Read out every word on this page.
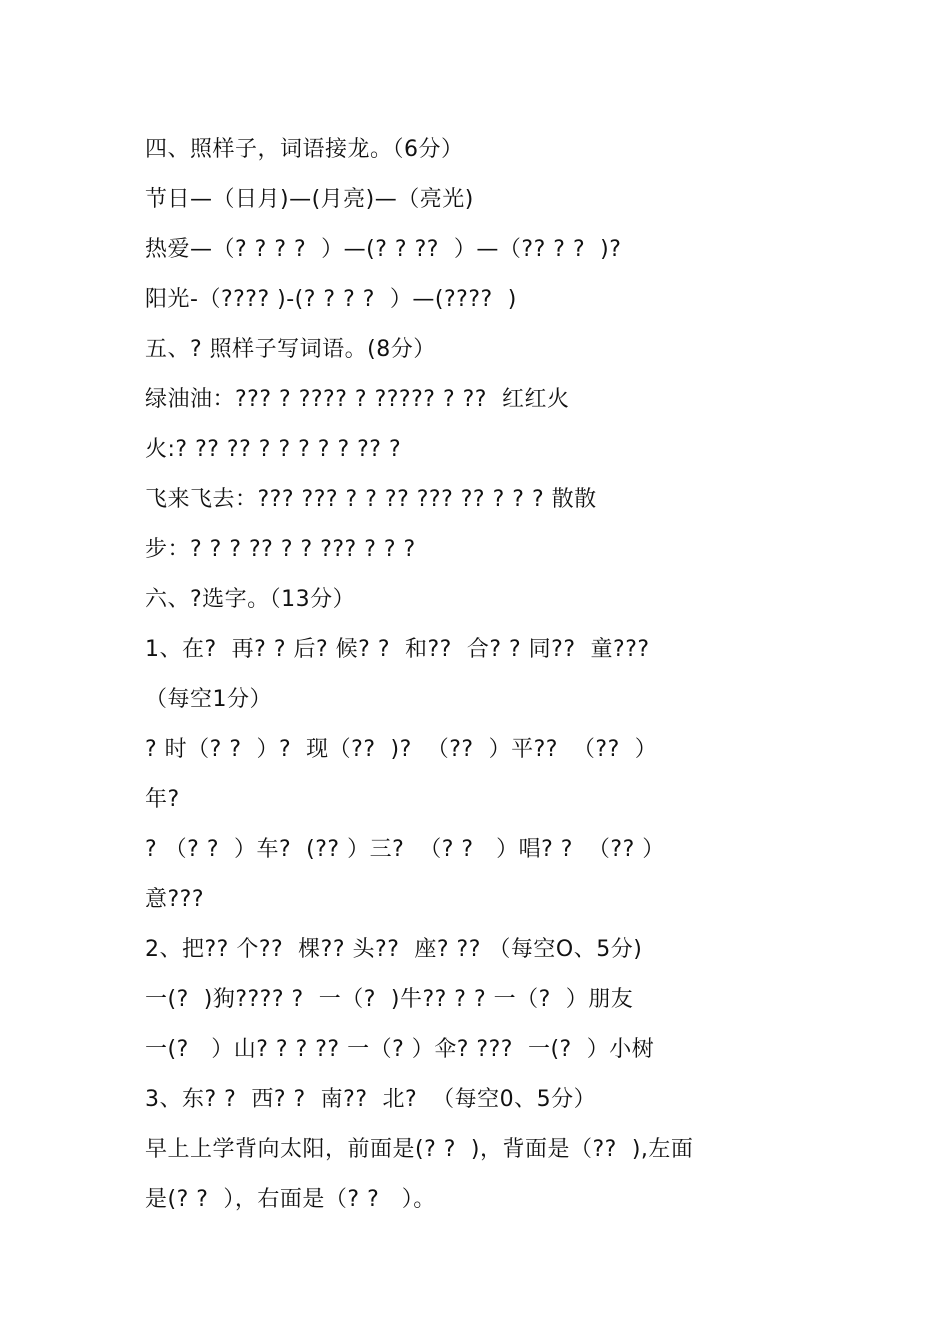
四、照样子，词语接龙。（6分）
节日—（日月)—(月亮)—（亮光)
热爱—（? ? ? ?  ）—(? ? ??  ）—（?? ? ?  )?
阳光-（???? )-(? ? ? ?  ）—(????  )
五、? 照样子写词语。(8分）
绿油油：??? ? ???? ? ????? ? ??  红红火
火:? ?? ?? ? ? ? ? ? ?? ?
飞来飞去：??? ??? ? ? ?? ??? ?? ? ? ? 散散
步：? ? ? ?? ? ? ??? ? ? ?
六、?选字。（13分）
1、在?  再? ? 后? 候? ?  和??  合? ? 同??  童???
（每空1分）
? 时（? ?  ）?  现（??  )?  （??  ）平??  （??  ）
年?
? （? ?  ）车?  (?? ）三?  （? ?   ）唱? ?  （?? ）
意???
2、把?? 个??  棵?? 头??  座? ?? （每空O、5分)
一(?  )狗???? ?  一（?  )牛?? ? ? 一（?  ）朋友
一(?   ）山? ? ? ?? 一（? ）伞? ???  一(?  ）小树
3、东? ?  西? ?  南??  北?  （每空0、5分）
早上上学背向太阳，前面是(? ?  )，背面是（??  ),左面
是(? ?  ），右面是（? ?   ）。
